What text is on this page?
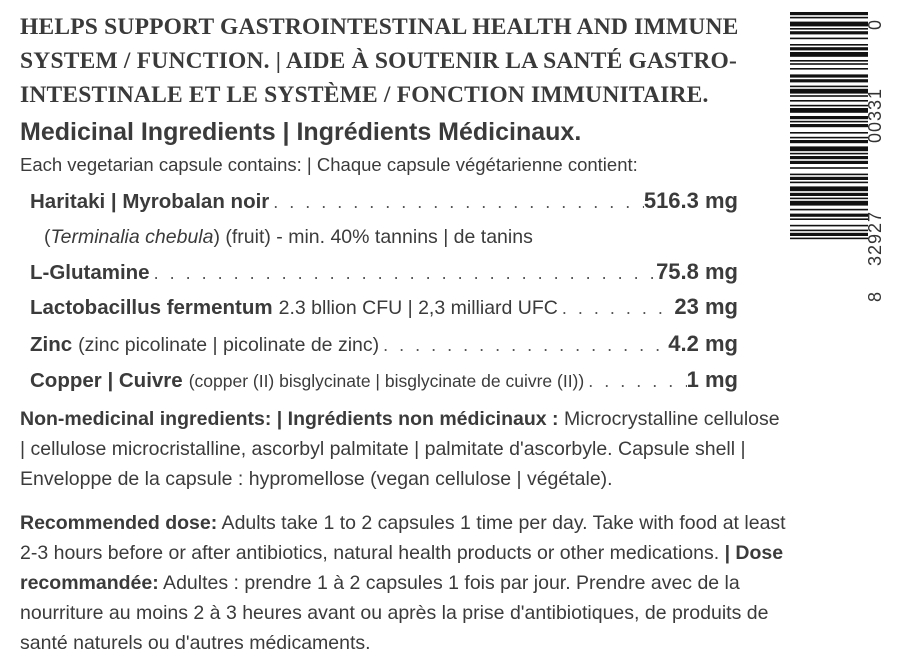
HELPS SUPPORT GASTROINTESTINAL HEALTH AND IMMUNE
SYSTEM / FUNCTION. | AIDE À SOUTENIR LA SANTÉ GASTRO-
INTESTINALE ET LE SYSTÈME / FONCTION IMMUNITAIRE.
Medicinal Ingredients | Ingrédients Médicinaux.
Each vegetarian capsule contains: | Chaque capsule végétarienne contient:
Haritaki | Myrobalan noir . . .	516.3 mg
(Terminalia chebula) (fruit) - min. 40% tannins | de tanins
L-Glutamine . . .	75.8 mg
Lactobacillus fermentum 2.3 bllion CFU | 2,3 milliard UFC . . .	23 mg
Zinc (zinc picolinate | picolinate de zinc) . . .	4.2 mg
Copper | Cuivre (copper (II) bisglycinate | bisglycinate de cuivre (II)) . . .	1 mg
Non-medicinal ingredients: | Ingrédients non médicinaux : Microcrystalline cellulose | cellulose microcristalline, ascorbyl palmitate | palmitate d'ascorbyle. Capsule shell | Enveloppe de la capsule : hypromellose (vegan cellulose | végétale).
Recommended dose: Adults take 1 to 2 capsules 1 time per day. Take with food at least 2-3 hours before or after antibiotics, natural health products or other medications. | Dose recommandée: Adultes : prendre 1 à 2 capsules 1 fois par jour. Prendre avec de la nourriture au moins 2 à 3 heures avant ou après la prise d'antibiotiques, de produits de santé naturels ou d'autres médicaments.
0
00331
32927
8
